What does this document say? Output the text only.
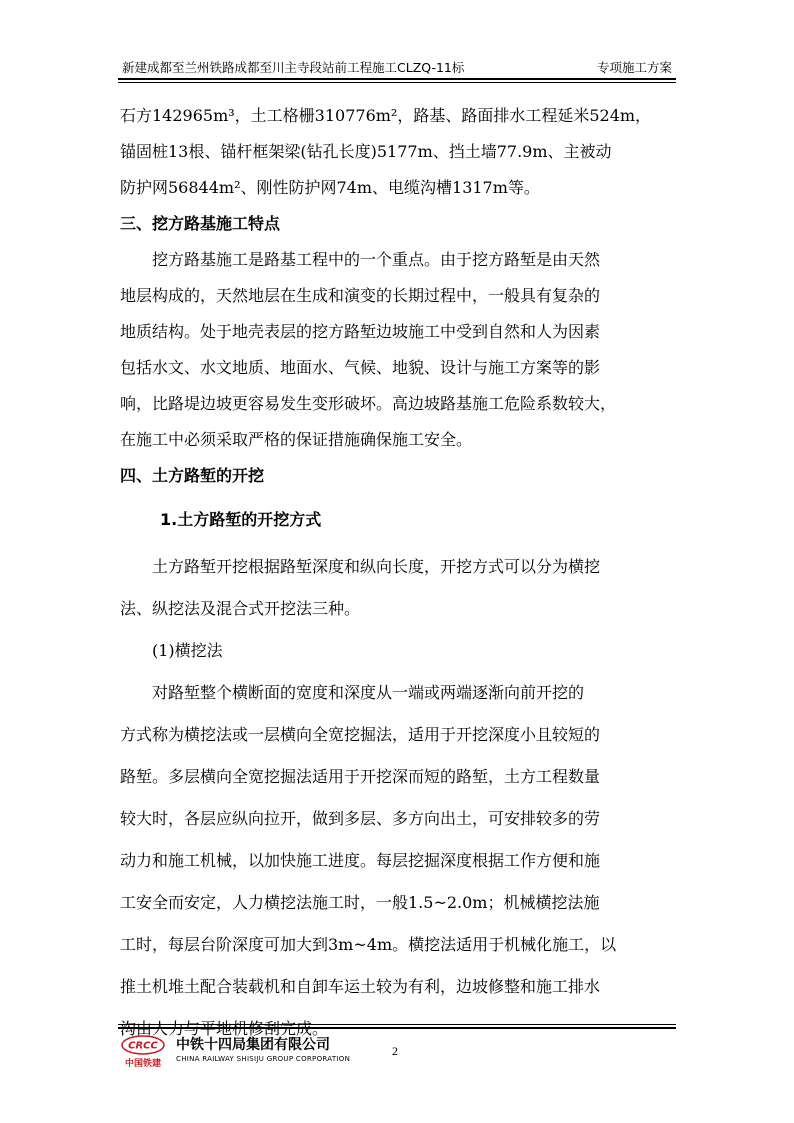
新建成都至兰州铁路成都至川主寺段站前工程施工CLZQ-11标	专项施工方案
石方142965m³，土工格栅310776m²，路基、路面排水工程延米524m，
锚固桩13根、锚杆框架梁(钻孔长度)5177m、挡土墙77.9m、主被动
防护网56844m²、刚性防护网74m、电缆沟槽1317m等。
三、挖方路基施工特点
挖方路基施工是路基工程中的一个重点。由于挖方路堑是由天然
地层构成的，天然地层在生成和演变的长期过程中，一般具有复杂的
地质结构。处于地壳表层的挖方路堑边坡施工中受到自然和人为因素
包括水文、水文地质、地面水、气候、地貌、设计与施工方案等的影
响，比路堤边坡更容易发生变形破坏。高边坡路基施工危险系数较大，
在施工中必须采取严格的保证措施确保施工安全。
四、土方路堑的开挖
1.土方路堑的开挖方式
土方路堑开挖根据路堑深度和纵向长度，开挖方式可以分为横挖
法、纵挖法及混合式开挖法三种。
(1)横挖法
对路堑整个横断面的宽度和深度从一端或两端逐渐向前开挖的
方式称为横挖法或一层横向全宽挖掘法，适用于开挖深度小且较短的
路堑。多层横向全宽挖掘法适用于开挖深而短的路堑，土方工程数量
较大时，各层应纵向拉开，做到多层、多方向出土，可安排较多的劳
动力和施工机械，以加快施工进度。每层挖掘深度根据工作方便和施
工安全而安定，人力横挖法施工时，一般1.5~2.0m；机械横挖法施
工时，每层台阶深度可加大到3m~4m。横挖法适用于机械化施工，以
推土机堆土配合装载机和自卸车运土较为有利，边坡修整和施工排水
CRCC
中国铁建
中铁十四局集团有限公司
CHINA RAILWAY SHISIJU GROUP CORPORATION
2
